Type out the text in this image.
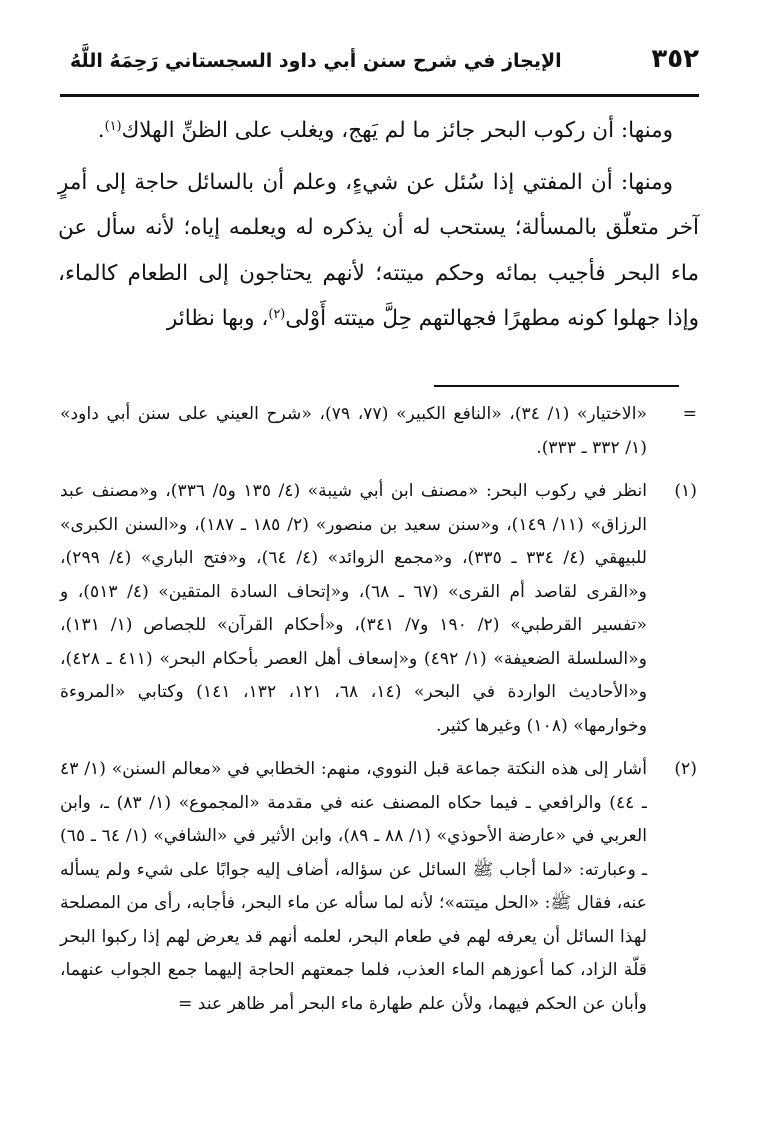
٣٥٢
الإيجاز في شرح سنن أبي داود السجستاني رَحِمَهُ اللَّهُ

ومنها: أن ركوب البحر جائز ما لم يَهج، ويغلب على الظنِّ الهلاك$^{(١)}$.

ومنها: أن المفتي إذا سُئل عن شيءٍ، وعلم أن بالسائل حاجة إلى أمرٍ آخر متعلّق بالمسألة؛ يستحب له أن يذكره له ويعلمه إياه؛ لأنه سأل عن ماء البحر فأجيب بمائه وحكم ميتته؛ لأنهم يحتاجون إلى الطعام كالماء، وإذا جهلوا كونه مطهرًا فجهالتهم حِلَّ ميتته أَوْلى$^{(٢)}$، وبها نظائر

=
«الاختيار» (١/ ٣٤)، «النافع الكبير» (٧٧، ٧٩)، «شرح العيني على سنن أبي داود» (١/ ٣٣٢ ـ ٣٣٣).
(١)
انظر في ركوب البحر: «مصنف ابن أبي شيبة» (٤/ ١٣٥ و٥/ ٣٣٦)، و«مصنف عبد الرزاق» (١١/ ١٤٩)، و«سنن سعيد بن منصور» (٢/ ١٨٥ ـ ١٨٧)، و«السنن الكبرى» للبيهقي (٤/ ٣٣٤ ـ ٣٣٥)، و«مجمع الزوائد» (٤/ ٦٤)، و«فتح الباري» (٤/ ٢٩٩)، و«القرى لقاصد أم القرى» (٦٧ ـ ٦٨)، و«إتحاف السادة المتقين» (٤/ ٥١٣)، و «تفسير القرطبي» (٢/ ١٩٠ و٧/ ٣٤١)، و«أحكام القرآن» للجصاص (١/ ١٣١)، و«السلسلة الضعيفة» (١/ ٤٩٢) و«إسعاف أهل العصر بأحكام البحر» (٤١١ ـ ٤٢٨)، و«الأحاديث الواردة في البحر» (١٤، ٦٨، ١٢١، ١٣٢، ١٤١) وكتابي «المروءة وخوارمها» (١٠٨) وغيرها كثير.
(٢)
أشار إلى هذه النكتة جماعة قبل النووي، منهم: الخطابي في «معالم السنن» (١/ ٤٣ ـ ٤٤) والرافعي ـ فيما حكاه المصنف عنه في مقدمة «المجموع» (١/ ٨٣) ـ، وابن العربي في «عارضة الأحوذي» (١/ ٨٨ ـ ٨٩)، وابن الأثير في «الشافي» (١/ ٦٤ ـ ٦٥) ـ وعبارته: «لما أجاب ﷺ السائل عن سؤاله، أضاف إليه جوابًا على شيء ولم يسأله عنه، فقال ﷺ: «الحل ميتته»؛ لأنه لما سأله عن ماء البحر، فأجابه، رأى من المصلحة لهذا السائل أن يعرفه لهم في طعام البحر، لعلمه أنهم قد يعرض لهم إذا ركبوا البحر قلّة الزاد، كما أعوزهم الماء العذب، فلما جمعتهم الحاجة إليهما جمع الجواب عنهما، وأبان عن الحكم فيهما، ولأن علم طهارة ماء البحر أمر ظاهر عند =
